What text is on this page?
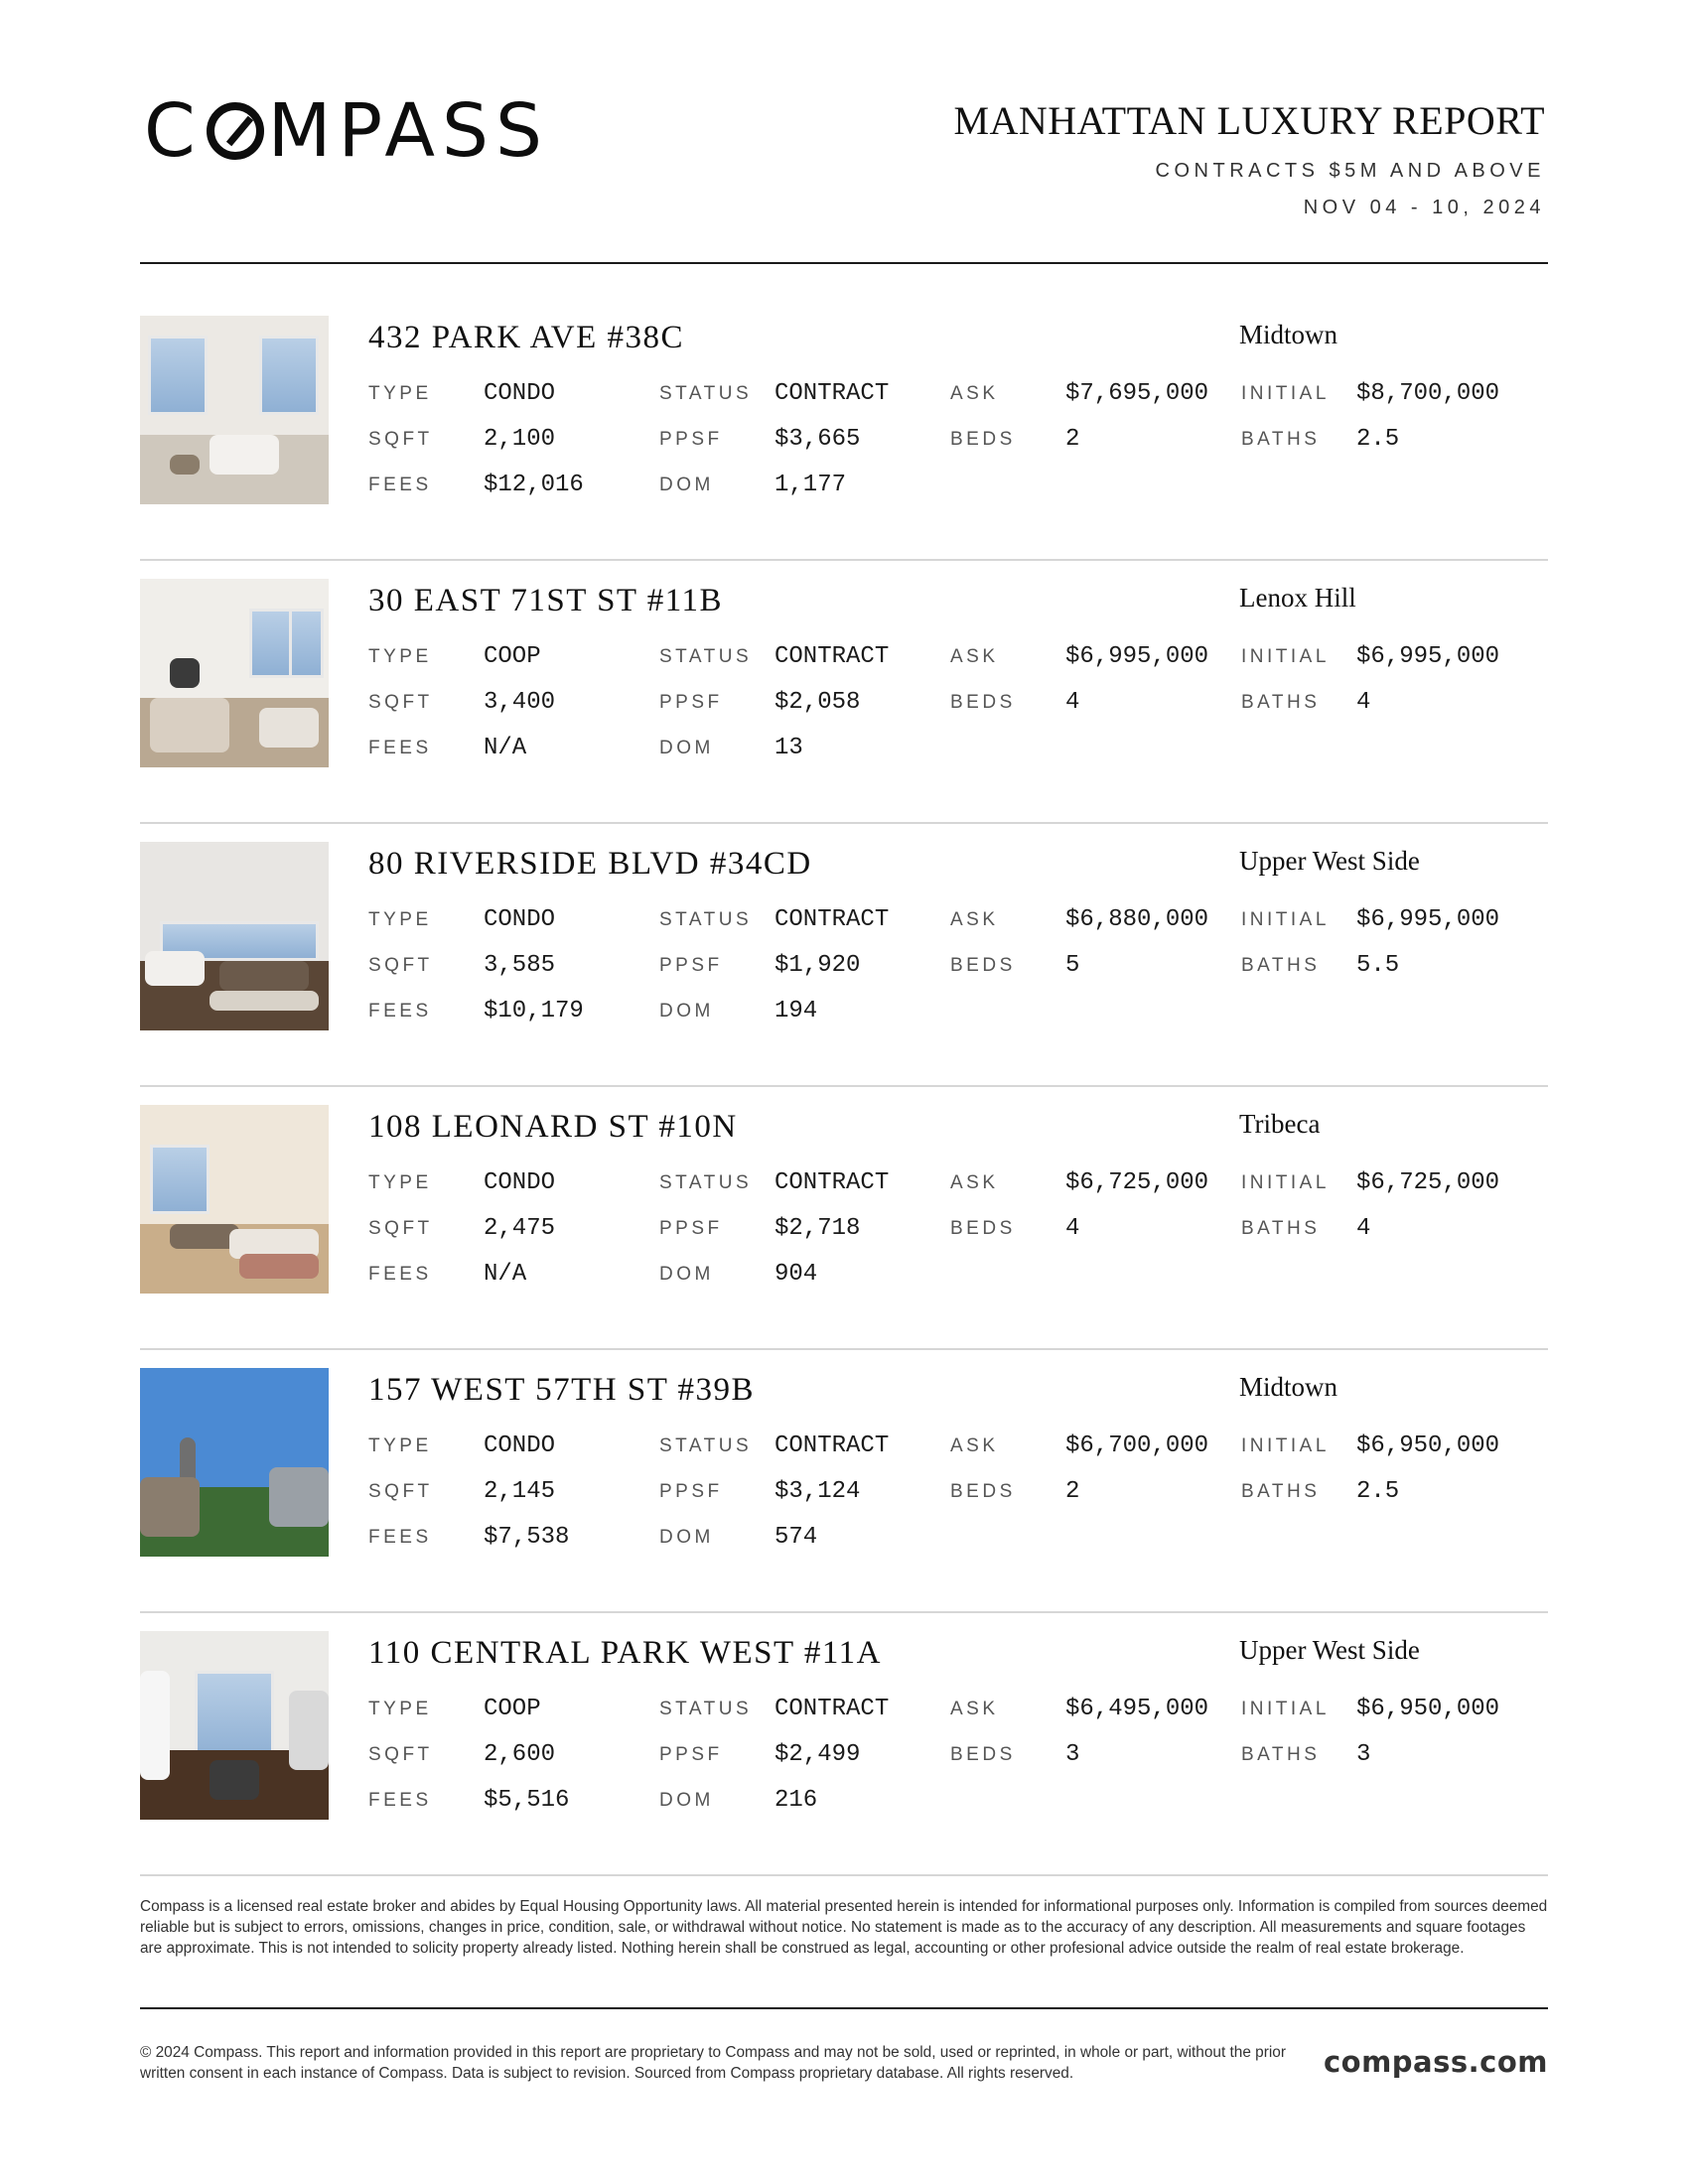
C MPASS	MANHATTAN LUXURY REPORT
CONTRACTS $5M AND ABOVE
NOV 04 - 10, 2024
432 PARK AVE #38C	Midtown
TYPE CONDO	STATUS CONTRACT	ASK	$7,695,000 INITIAL $8,700,000
SQFT 2,100	PPSF $3,665	BEDS 2	BATHS 2.5
FEES $12,016	DOM	1,177
30 EAST 71ST ST #11B	Lenox Hill
TYPE COOP	STATUS CONTRACT	ASK	$6,995,000 INITIAL $6,995,000
SQFT 3,400	PPSF $2,058	BEDS 4	BATHS 4
FEES N/A	DOM	13
80 RIVERSIDE BLVD #34CD	Upper West Side
TYPE CONDO	STATUS CONTRACT	ASK	$6,880,000 INITIAL $6,995,000
SQFT 3,585	PPSF $1,920	BEDS 5	BATHS 5.5
FEES $10,179	DOM	194
108 LEONARD ST #10N	Tribeca
TYPE CONDO	STATUS CONTRACT	ASK	$6,725,000 INITIAL $6,725,000
SQFT 2,475	PPSF $2,718	BEDS 4	BATHS 4
FEES N/A	DOM	904
157 WEST 57TH ST #39B	Midtown
TYPE CONDO	STATUS CONTRACT	ASK	$6,700,000 INITIAL $6,950,000
SQFT 2,145	PPSF $3,124	BEDS 2	BATHS 2.5
FEES $7,538	DOM	574
110 CENTRAL PARK WEST #11A	Upper West Side
TYPE COOP	STATUS CONTRACT	ASK	$6,495,000 INITIAL $6,950,000
SQFT 2,600	PPSF $2,499	BEDS 3	BATHS 3
FEES $5,516	DOM	216
Compass is a licensed real estate broker and abides by Equal Housing Opportunity laws. All material presented herein is intended for informational purposes only. Information is compiled from sources deemed reliable but is subject to errors, omissions, changes in price, condition, sale, or withdrawal without notice. No statement is made as to the accuracy of any description. All measurements and square footages are approximate. This is not intended to solicity property already listed. Nothing herein shall be construed as legal, accounting or other profesional advice outside the realm of real estate brokerage.
© 2024 Compass. This report and information provided in this report are proprietary to Compass and may not be sold, used or reprinted, in whole or part, without the prior written consent in each instance of Compass. Data is subject to revision. Sourced from Compass proprietary database. All rights reserved.	compass.com
